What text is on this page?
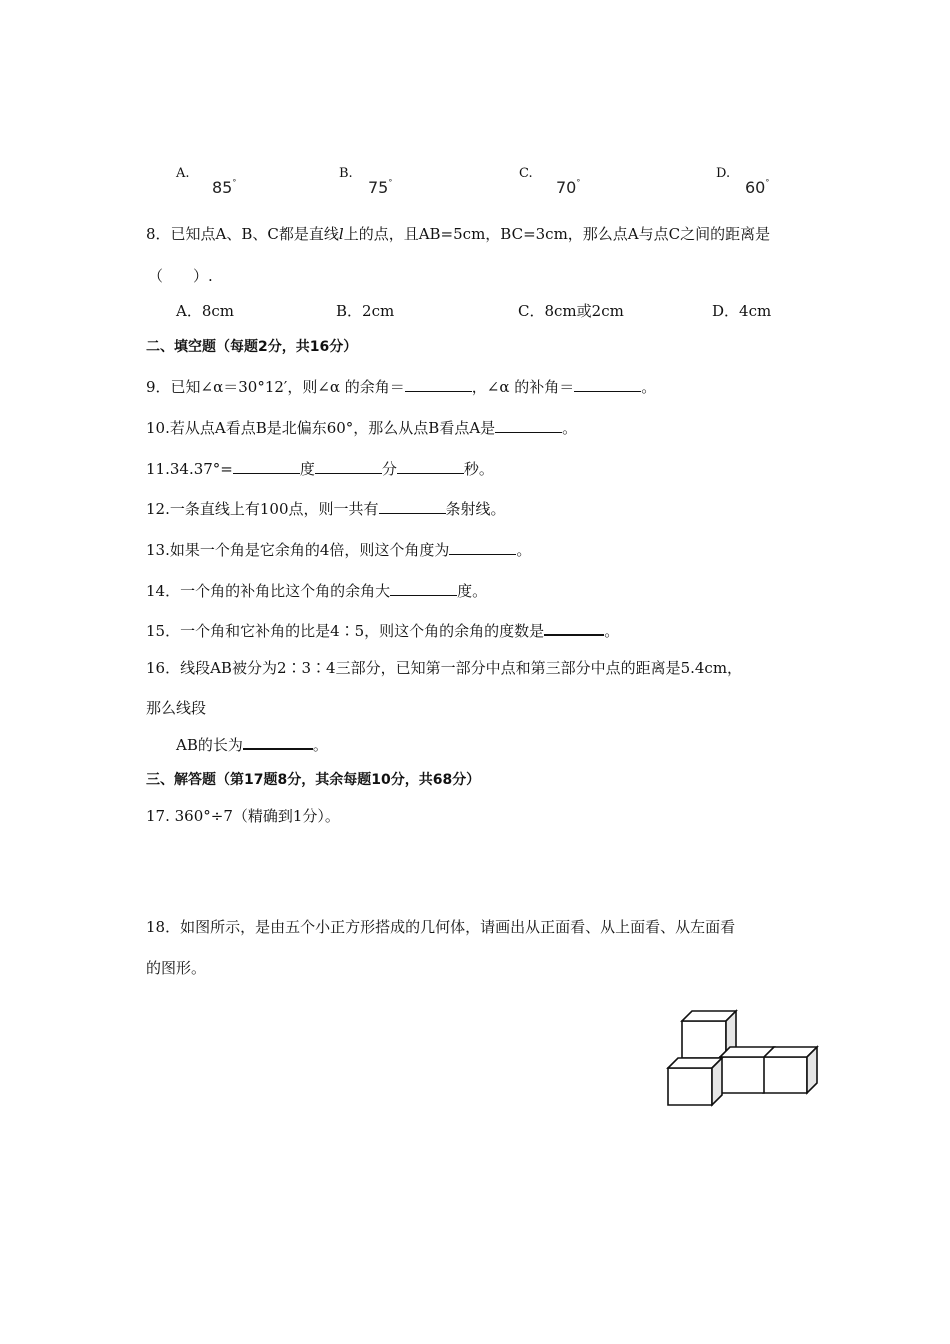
A.
85°
B.
75°
C.
70°
D.
60°
8．已知点A、B、C都是直线l上的点，且AB=5cm，BC=3cm，那么点A与点C之间的距离是
（　　）.
A．8cm	B．2cm	C．8cm或2cm	D．4cm
二、填空题（每题2分，共16分）
9．已知∠α＝30°12′，则∠α 的余角＝	，∠α 的补角＝	。
10.若从点A看点B是北偏东60°，那么从点B看点A是	。
11.34.37°=	度	分	秒。
12.一条直线上有100点，则一共有	条射线。
13.如果一个角是它余角的4倍，则这个角度为	。
14．一个角的补角比这个角的余角大	度。
15．一个角和它补角的比是4∶5，则这个角的余角的度数是	。
16．线段AB被分为2∶3∶4三部分，已知第一部分中点和第三部分中点的距离是5.4cm，
那么线段
AB的长为	。
三、解答题（第17题8分，其余每题10分，共68分）
17. 360°÷7（精确到1分）。
18．如图所示，是由五个小正方形搭成的几何体，请画出从正面看、从上面看、从左面看
的图形。
